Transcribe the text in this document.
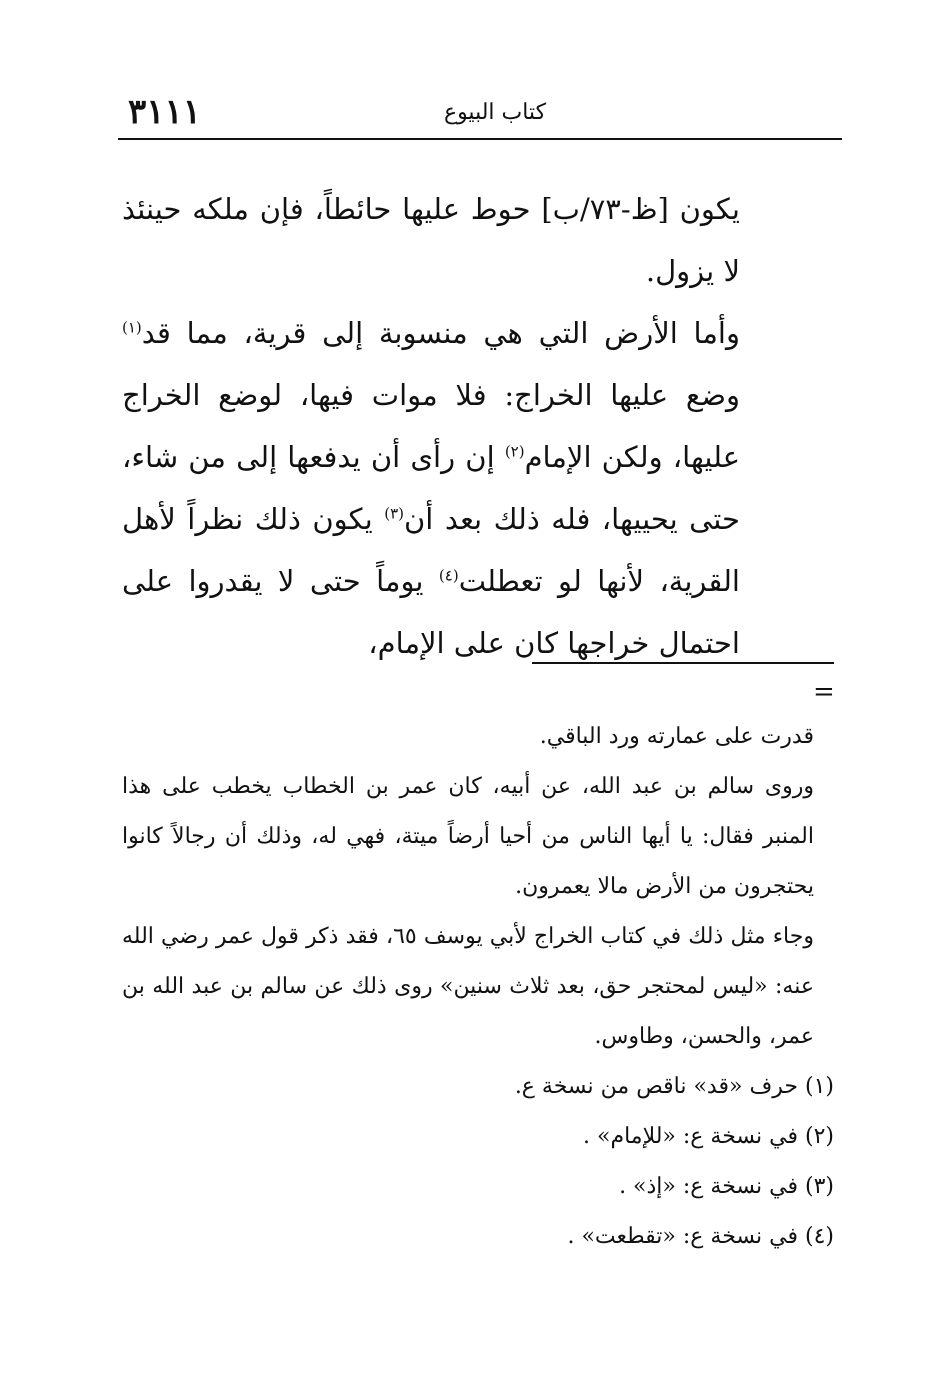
٣١١١	كتاب البيوع

يكون [ظ-٧٣/ب] حوط عليها حائطاً، فإن ملكه حينئذ لا يزول.

وأما الأرض التي هي منسوبة إلى قرية، مما قد$^{(١)}$ وضع عليها الخراج: فلا موات فيها، لوضع الخراج عليها، ولكن الإمام$^{(٢)}$ إن رأى أن يدفعها إلى من شاء، حتى يحييها، فله ذلك بعد أن$^{(٣)}$ يكون ذلك نظراً لأهل القرية، لأنها لو تعطلت$^{(٤)}$ يوماً حتى لا يقدروا على احتمال خراجها كان على الإمام،

=

قدرت على عمارته ورد الباقي.

وروى سالم بن عبد الله، عن أبيه، كان عمر بن الخطاب يخطب على هذا المنبر فقال: يا أيها الناس من أحيا أرضاً ميتة، فهي له، وذلك أن رجالاً كانوا يحتجرون من الأرض مالا يعمرون.

وجاء مثل ذلك في كتاب الخراج لأبي يوسف ٦٥، فقد ذكر قول عمر رضي الله عنه: «ليس لمحتجر حق، بعد ثلاث سنين» روى ذلك عن سالم بن عبد الله بن عمر، والحسن، وطاوس.

(١) حرف «قد» ناقص من نسخة ع.

(٢) في نسخة ع: «للإمام» .

(٣) في نسخة ع: «إذ» .

(٤) في نسخة ع: «تقطعت» .
